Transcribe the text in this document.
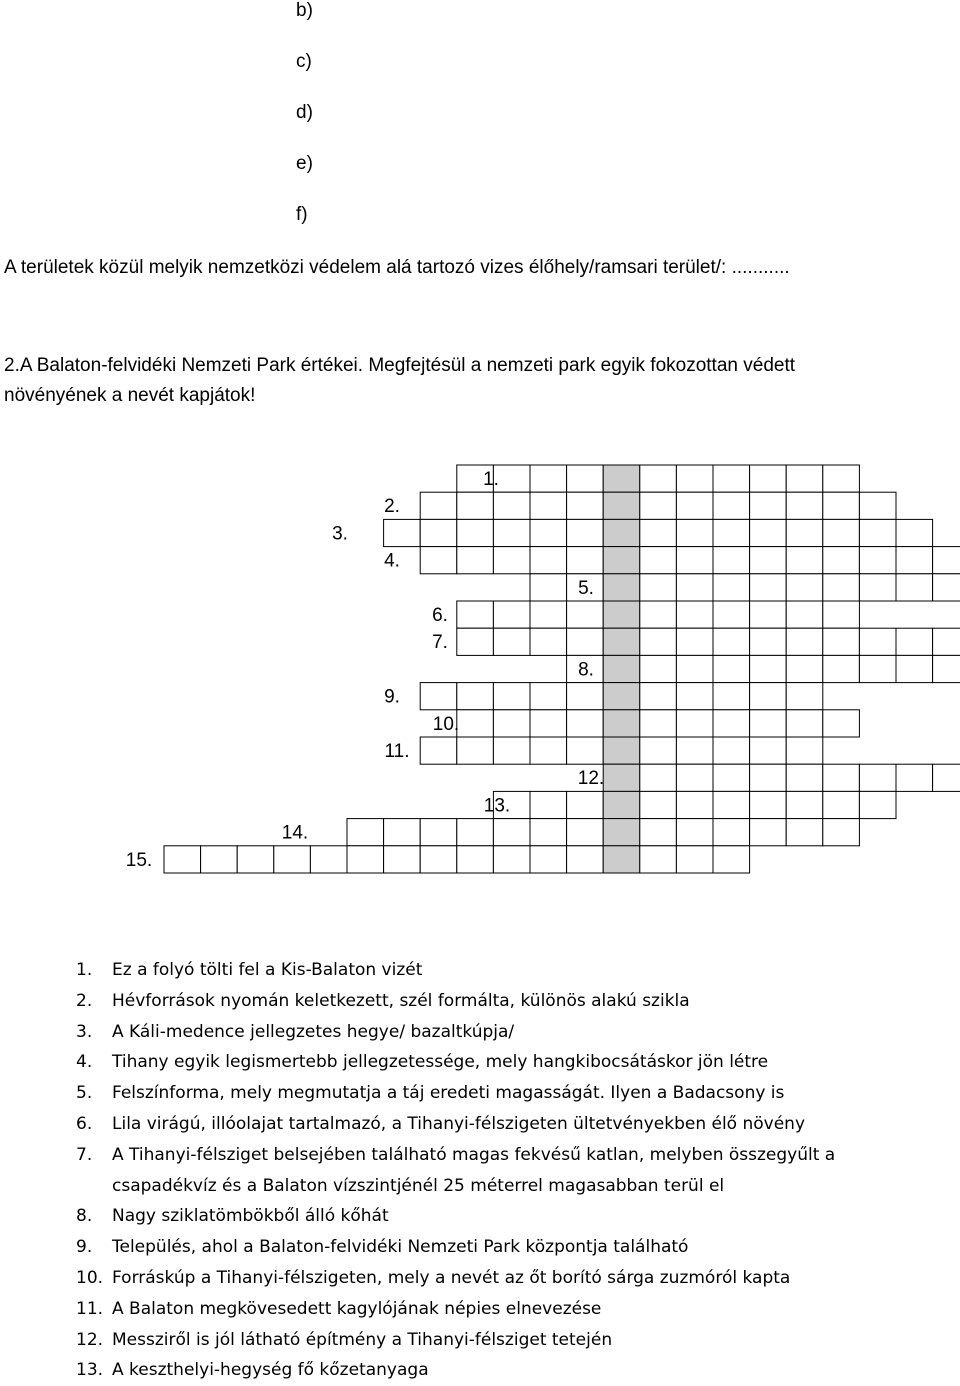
b)
c)
d)
e)
f)

A területek közül melyik nemzetközi védelem alá tartozó vizes élőhely/ramsari terület/: ...........

2.A Balaton-felvidéki Nemzeti Park értékei. Megfejtésül a nemzeti park egyik fokozottan védett

növényének a nevét kapjátok!

1.
2.
3.
4.
5.
6.
7.
8.
9.
10.
11.
12.
13.
14.
15.
1.	Ez a folyó tölti fel a Kis-Balaton vizét
2.	Hévforrások nyomán keletkezett, szél formálta, különös alakú szikla
3.	A Káli-medence jellegzetes hegye/ bazaltkúpja/
4.	Tihany egyik legismertebb jellegzetessége, mely hangkibocsátáskor jön létre
5.	Felszínforma, mely megmutatja a táj eredeti magasságát. Ilyen a Badacsony is
6.	Lila virágú, illóolajat tartalmazó, a Tihanyi-félszigeten ültetvényekben élő növény
7.	A Tihanyi-félsziget belsejében található magas fekvésű katlan, melyben összegyűlt a
csapadékvíz és a Balaton vízszintjénél 25 méterrel magasabban terül el
8.	Nagy sziklatömbökből álló kőhát
9.	Település, ahol a Balaton-felvidéki Nemzeti Park központja található
10. Forráskúp a Tihanyi-félszigeten, mely a nevét az őt borító sárga zuzmóról kapta
11. A Balaton megkövesedett kagylójának népies elnevezése
12. Messziről is jól látható építmény a Tihanyi-félsziget tetején
13. A keszthelyi-hegység fő kőzetanyaga
